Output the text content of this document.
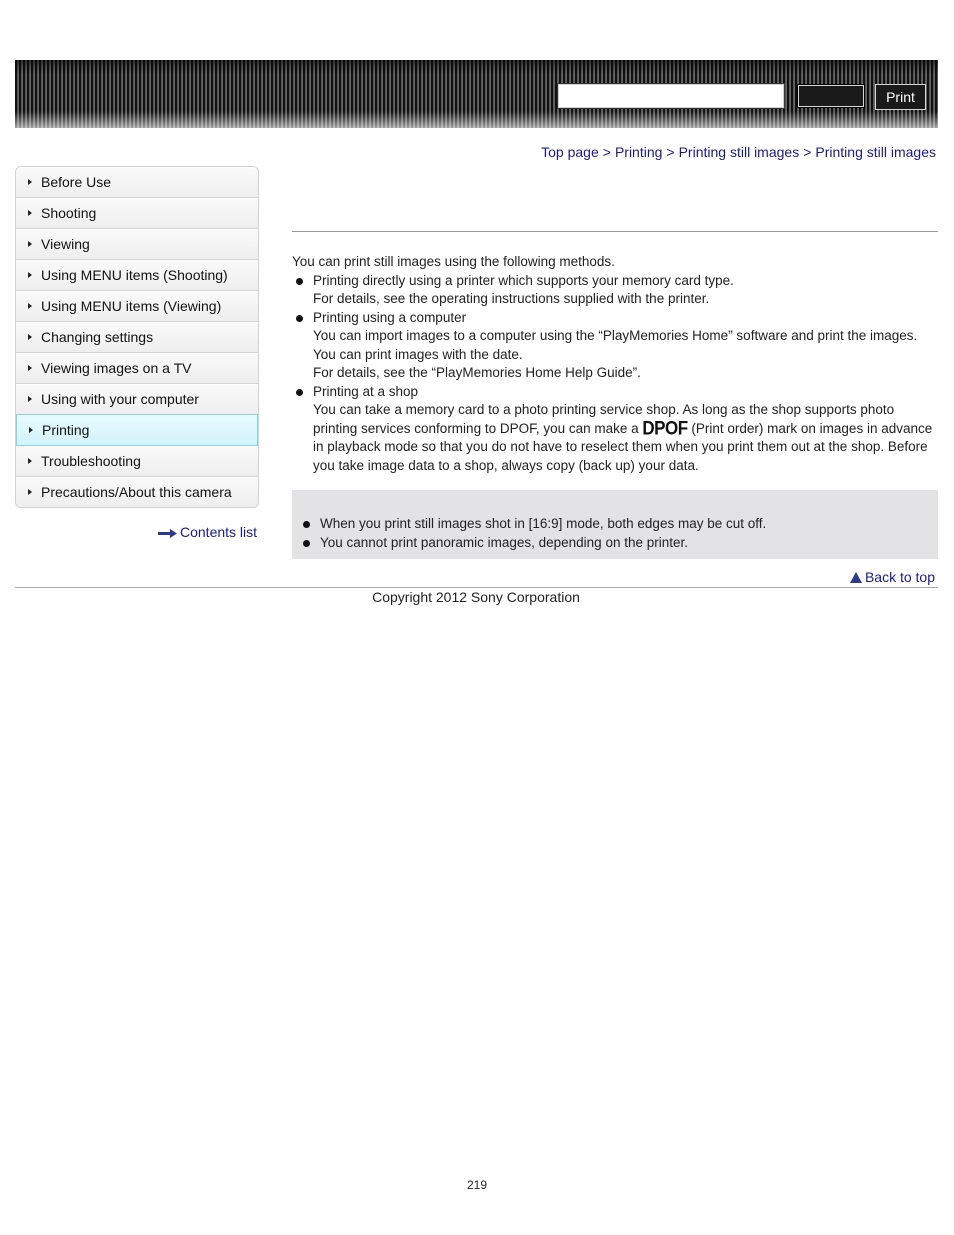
Print
Top page > Printing > Printing still images > Printing still images
Before Use
Shooting
Viewing
Using MENU items (Shooting)
Using MENU items (Viewing)
Changing settings
Viewing images on a TV
Using with your computer
Printing
Troubleshooting
Precautions/About this camera
Contents list

You can print still images using the following methods.

Printing directly using a printer which supports your memory card type.
For details, see the operating instructions supplied with the printer.
Printing using a computer
You can import images to a computer using the “PlayMemories Home” software and print the images. You can print images with the date.
For details, see the “PlayMemories Home Help Guide”.
Printing at a shop
You can take a memory card to a photo printing service shop. As long as the shop supports photo printing services conforming to DPOF, you can make a DPOF (Print order) mark on images in advance in playback mode so that you do not have to reselect them when you print them out at the shop. Before you take image data to a shop, always copy (back up) your data.
When you print still images shot in [16:9] mode, both edges may be cut off.
You cannot print panoramic images, depending on the printer.
Back to top
Copyright 2012 Sony Corporation
219
